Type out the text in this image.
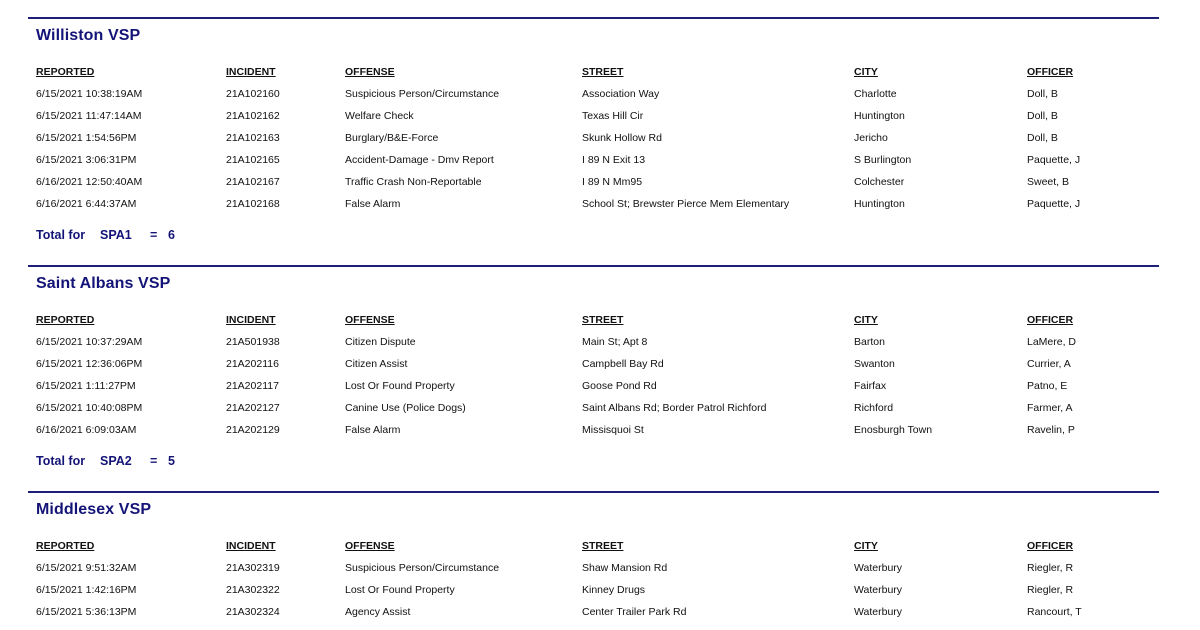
Williston VSP
REPORTED	INCIDENT	OFFENSE	STREET	CITY	OFFICER
6/15/2021 10:38:19AM	21A102160	Suspicious Person/Circumstance	Association Way	Charlotte	Doll, B
6/15/2021 11:47:14AM	21A102162	Welfare Check	Texas Hill Cir	Huntington	Doll, B
6/15/2021 1:54:56PM	21A102163	Burglary/B&E-Force	Skunk Hollow Rd	Jericho	Doll, B
6/15/2021 3:06:31PM	21A102165	Accident-Damage - Dmv Report	I 89 N Exit 13	S Burlington	Paquette, J
6/16/2021 12:50:40AM	21A102167	Traffic Crash Non-Reportable	I 89 N Mm95	Colchester	Sweet, B
6/16/2021 6:44:37AM	21A102168	False Alarm	School St; Brewster Pierce Mem Elementary	Huntington	Paquette, J
Total for SPA1 = 6
Saint Albans VSP
REPORTED	INCIDENT	OFFENSE	STREET	CITY	OFFICER
6/15/2021 10:37:29AM	21A501938	Citizen Dispute	Main St; Apt 8	Barton	LaMere, D
6/15/2021 12:36:06PM	21A202116	Citizen Assist	Campbell Bay Rd	Swanton	Currier, A
6/15/2021 1:11:27PM	21A202117	Lost Or Found Property	Goose Pond Rd	Fairfax	Patno, E
6/15/2021 10:40:08PM	21A202127	Canine Use (Police Dogs)	Saint Albans Rd; Border Patrol Richford	Richford	Farmer, A
6/16/2021 6:09:03AM	21A202129	False Alarm	Missisquoi St	Enosburgh Town	Ravelin, P
Total for SPA2 = 5
Middlesex VSP
REPORTED	INCIDENT	OFFENSE	STREET	CITY	OFFICER
6/15/2021 9:51:32AM	21A302319	Suspicious Person/Circumstance	Shaw Mansion Rd	Waterbury	Riegler, R
6/15/2021 1:42:16PM	21A302322	Lost Or Found Property	Kinney Drugs	Waterbury	Riegler, R
6/15/2021 5:36:13PM	21A302324	Agency Assist	Center Trailer Park Rd	Waterbury	Rancourt, T
